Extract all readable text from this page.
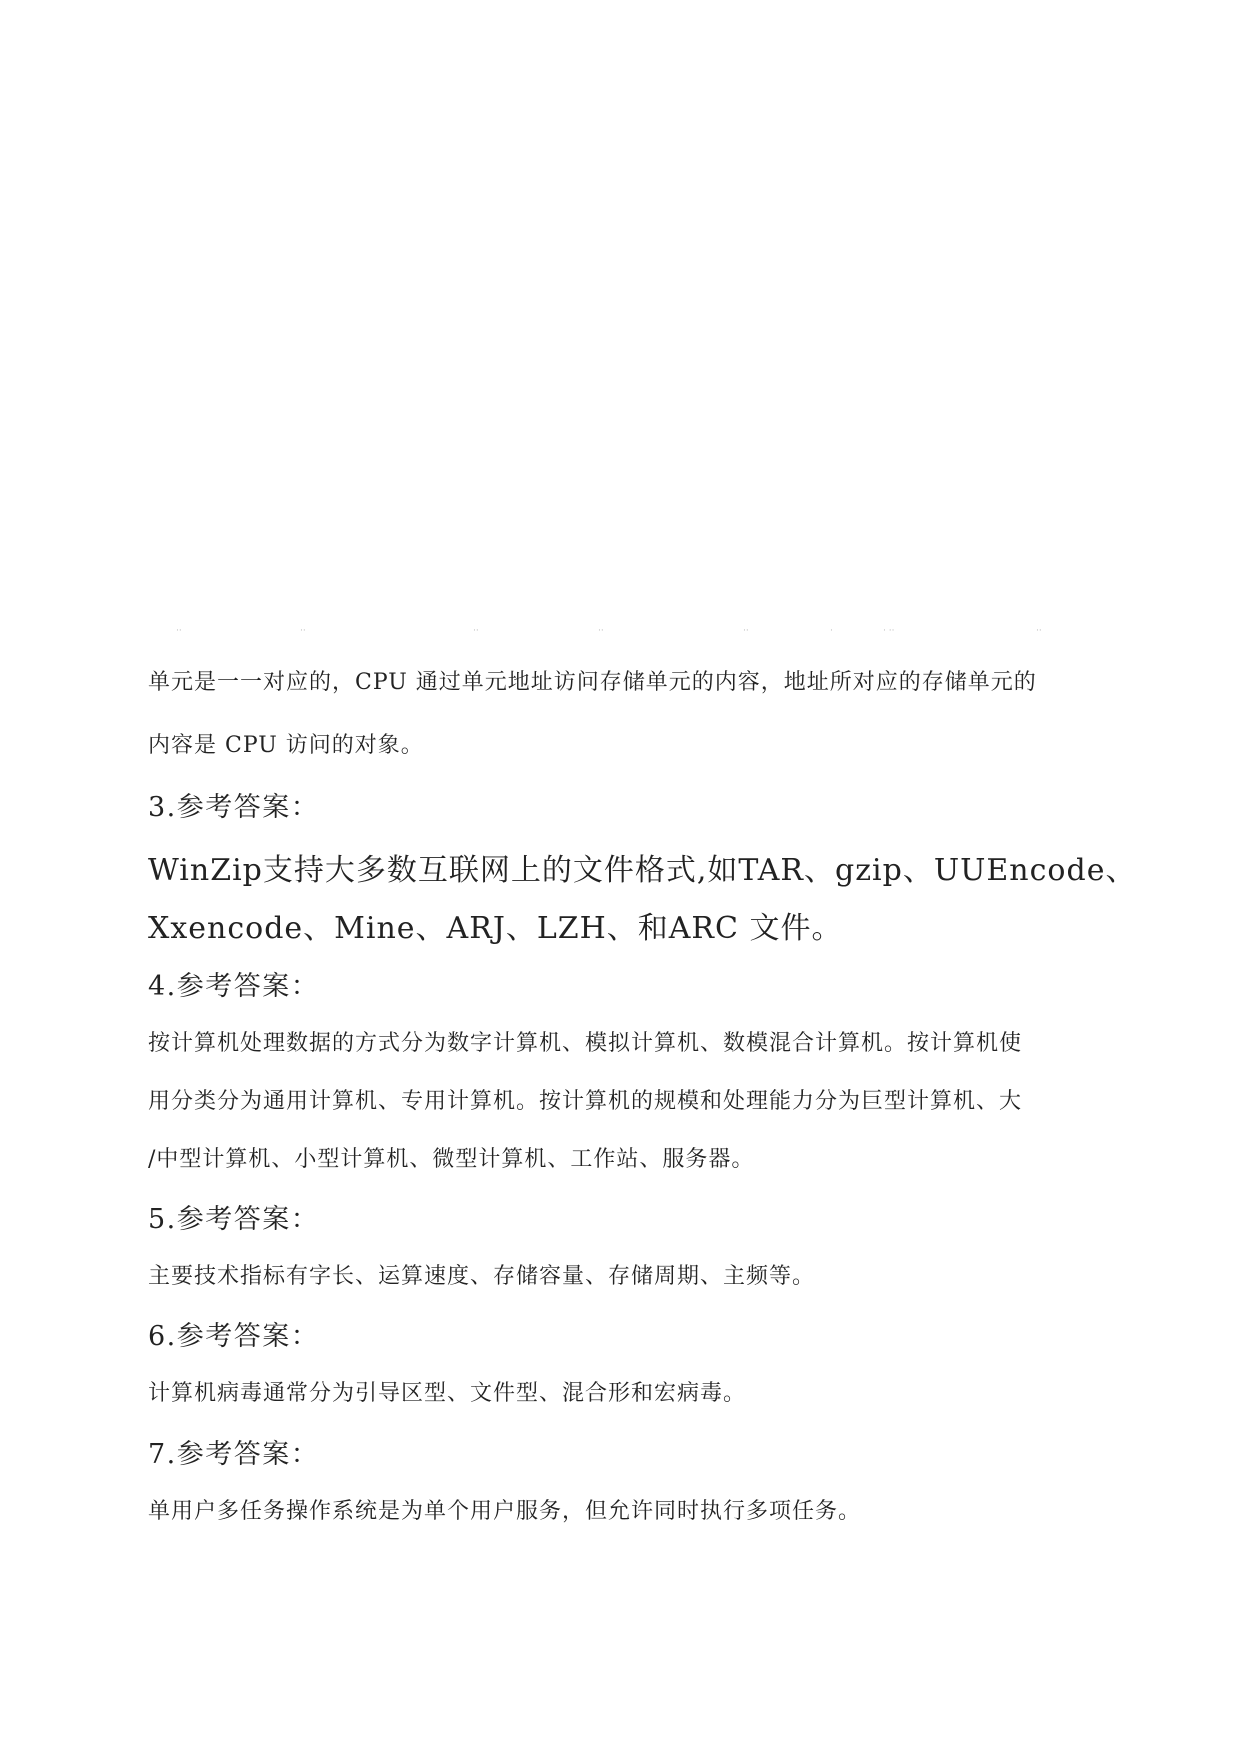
··	··	··	··	··	·	· ··	··

单元是一一对应的，CPU 通过单元地址访问存储单元的内容，地址所对应的存储单元的

内容是 CPU 访问的对象。

3.参考答案：

WinZip支持大多数互联网上的文件格式,如TAR、gzip、UUEncode、

Xxencode、Mine、ARJ、LZH、和ARC 文件。

4.参考答案：

按计算机处理数据的方式分为数字计算机、模拟计算机、数模混合计算机。按计算机使

用分类分为通用计算机、专用计算机。按计算机的规模和处理能力分为巨型计算机、大

/中型计算机、小型计算机、微型计算机、工作站、服务器。

5.参考答案：

主要技术指标有字长、运算速度、存储容量、存储周期、主频等。

6.参考答案：

计算机病毒通常分为引导区型、文件型、混合形和宏病毒。

7.参考答案：

单用户多任务操作系统是为单个用户服务，但允许同时执行多项任务。
